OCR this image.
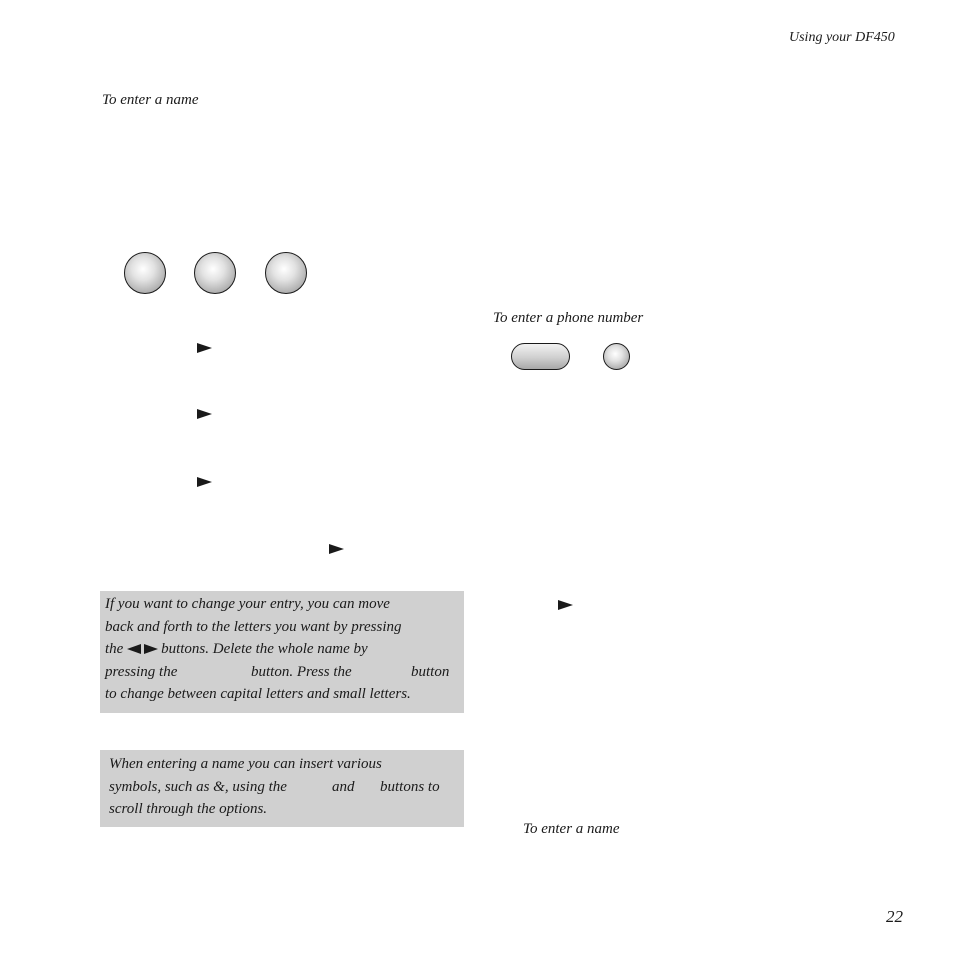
Using your DF450
To enter a name
To enter a phone number
To enter a name
If you want to change your entry, you can move
back and forth to the letters you want by pressing
the	buttons. Delete the whole name by
pressing the	button. Press the	button
to change between capital letters and small letters.
When entering a name you can insert various
symbols, such as &, using the	and buttons to
scroll through the options.
22
